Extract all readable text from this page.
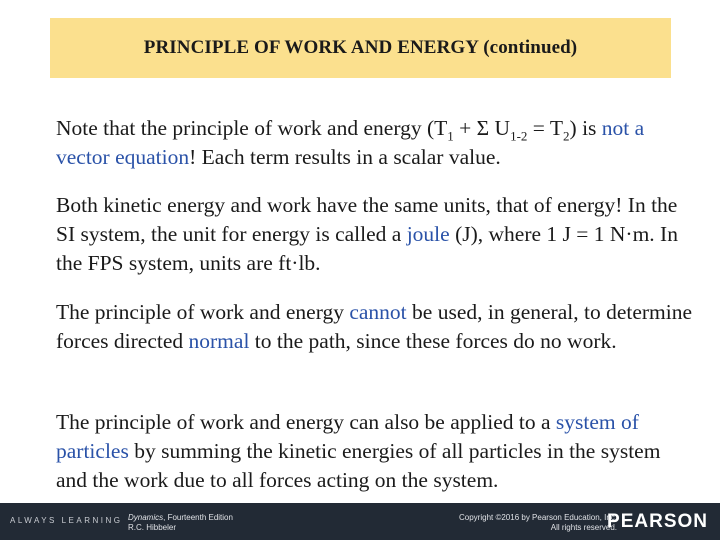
PRINCIPLE OF WORK AND ENERGY (continued)

Note that the principle of work and energy ($T_1 + \Sigma$ $U_{1-2} = T_2$) is not a vector equation! Each term results in a scalar value.

Both kinetic energy and work have the same units, that of energy! In the SI system, the unit for energy is called a joule (J), where 1 J = 1 N·m. In the FPS system, units are ft·lb.

The principle of work and energy cannot be used, in general, to determine forces directed normal to the path, since these forces do no work.

The principle of work and energy can also be applied to a system of particles by summing the kinetic energies of all particles in the system and the work due to all forces acting on the system.

ALWAYS LEARNING Dynamics, Fourteenth Edition
R.C. Hibbeler
Copyright ©2016 by Pearson Education, Inc.
All rights reserved.
PEARSON
